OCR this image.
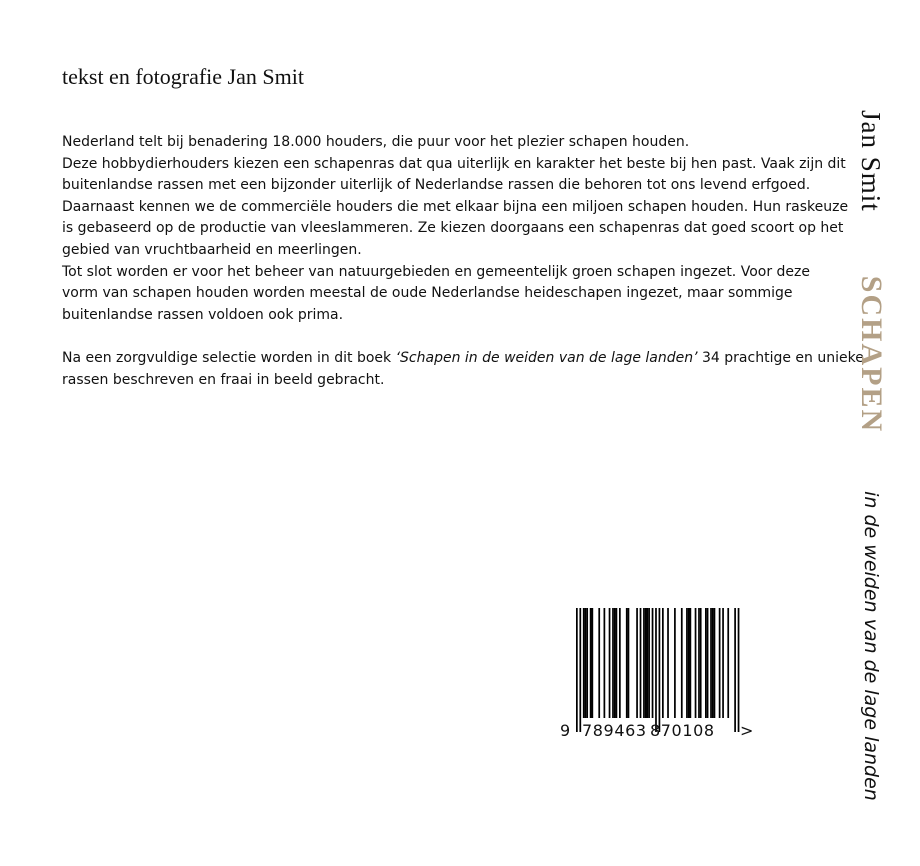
tekst en fotografie Jan Smit

Nederland telt bij benadering 18.000 houders, die puur voor het plezier schapen houden.
Deze hobbydierhouders kiezen een schapenras dat qua uiterlijk en karakter het beste bij hen past. Vaak zijn dit
buitenlandse rassen met een bijzonder uiterlijk of Nederlandse rassen die behoren tot ons levend erfgoed.
Daarnaast kennen we de commerciële houders die met elkaar bijna een miljoen schapen houden. Hun raskeuze
is gebaseerd op de productie van vleeslammeren. Ze kiezen doorgaans een schapenras dat goed scoort op het
gebied van vruchtbaarheid en meerlingen.
Tot slot worden er voor het beheer van natuurgebieden en gemeentelijk groen schapen ingezet. Voor deze
vorm van schapen houden worden meestal de oude Nederlandse heideschapen ingezet, maar sommige
buitenlandse rassen voldoen ook prima.

Na een zorgvuldige selectie worden in dit boek ‘Schapen in de weiden van de lage landen’ 34 prachtige en unieke
rassen beschreven en fraai in beeld gebracht.

Jan Smit
SCHAPEN
in de weiden van de lage landen
9 789463 870108 >
